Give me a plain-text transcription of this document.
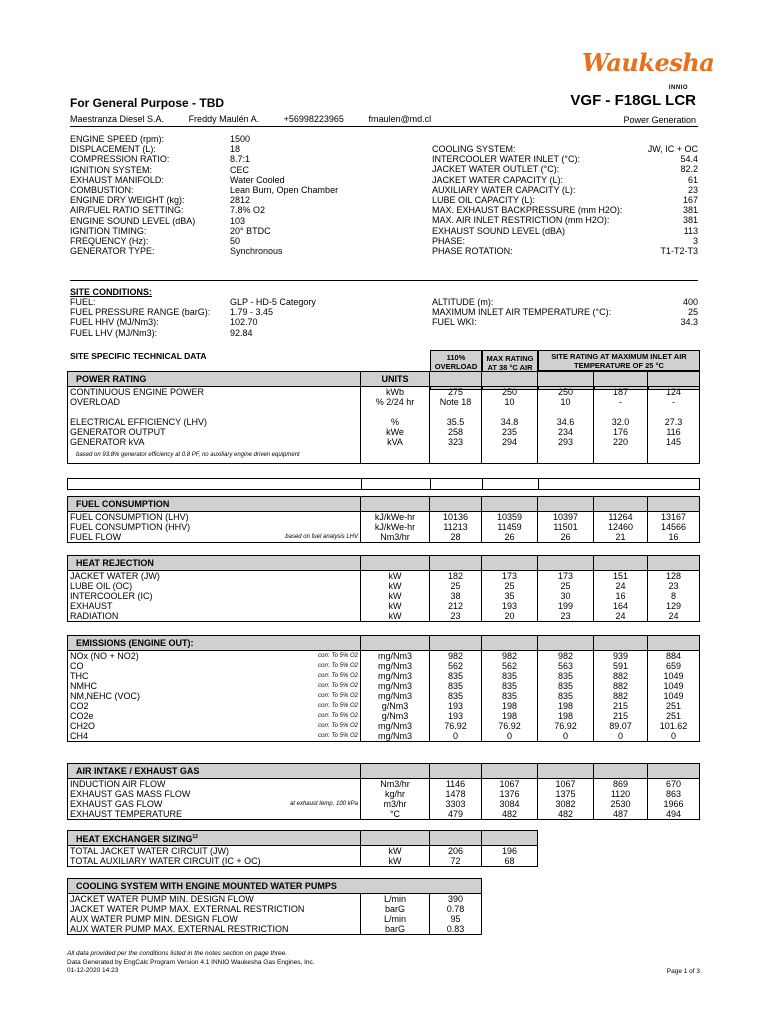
Waukesha
INNIO
For General Purpose - TBD	VGF - F18GL LCR
Maestranza Diesel S.A.	Freddy Maulén A.	+56998223965	fmaulen@md.cl	Power Generation
ENGINE SPEED (rpm):	1500
DISPLACEMENT (L):	18
COMPRESSION RATIO:	8.7:1
IGNITION SYSTEM:	CEC
EXHAUST MANIFOLD:	Water Cooled
COMBUSTION:	Lean Burn, Open Chamber
ENGINE DRY WEIGHT (kg):	2812
AIR/FUEL RATIO SETTING:	7.8% O2
ENGINE SOUND LEVEL (dBA)	103
IGNITION TIMING:	20° BTDC
FREQUENCY (Hz):	50
GENERATOR TYPE:	Synchronous
COOLING SYSTEM:	JW, IC + OC
INTERCOOLER WATER INLET (°C):	54.4
JACKET WATER OUTLET (°C):	82.2
JACKET WATER CAPACITY (L):	61
AUXILIARY WATER CAPACITY (L):	23
LUBE OIL CAPACITY (L):	167
MAX. EXHAUST BACKPRESSURE (mm H2O):	381
MAX. AIR INLET RESTRICTION (mm H2O):	381
EXHAUST SOUND LEVEL (dBA)	113
PHASE:	3
PHASE ROTATION:	T1-T2-T3
SITE CONDITIONS:
FUEL:	GLP - HD-5 Category
FUEL PRESSURE RANGE (barG):	1.79 - 3.45
FUEL HHV (MJ/Nm3):	102.70
FUEL LHV (MJ/Nm3):	92.84
ALTITUDE (m):	400
MAXIMUM INLET AIR TEMPERATURE (°C):	25
FUEL WKI:	34.3
SITE SPECIFIC TECHNICAL DATA	110% OVERLOAD
MAX RATING AT 38 °C AIR
SITE RATING AT MAXIMUM INLET AIR TEMPERATURE OF 25 °C
POWER RATING		UNITS					
CONTINUOUS ENGINE POWER		kWb	275	250	250	187	124
OVERLOAD		% 2/24 hr	Note 18	10	10	-	-

ELECTRICAL EFFICIENCY (LHV)		%	35.5	34.8	34.6	32.0	27.3
GENERATOR OUTPUT		kWe	258	235	234	176	116
GENERATOR kVA		kVA	323	294	293	220	145
based on 93.8% generator efficiency at 0.8 PF, no auxiliary engine driven equipment							
FUEL CONSUMPTION							
FUEL CONSUMPTION (LHV)		kJ/kWe-hr	10136	10359	10397	11264	13167
FUEL CONSUMPTION (HHV)		kJ/kWe-hr	11213	11459	11501	12460	14566
FUEL FLOW	based on fuel analysis LHV	Nm3/hr	28	26	26	21	16
HEAT REJECTION							
JACKET WATER (JW)		kW	182	173	173	151	128
LUBE OIL (OC)		kW	25	25	25	24	23
INTERCOOLER (IC)		kW	38	35	30	16	8
EXHAUST		kW	212	193	199	164	129
RADIATION		kW	23	20	23	24	24
EMISSIONS (ENGINE OUT):							
NOx (NO + NO2)	corr. To 5% O2	mg/Nm3	982	982	982	939	884
CO	corr. To 5% O2	mg/Nm3	562	562	563	591	659
THC	corr. To 5% O2	mg/Nm3	835	835	835	882	1049
NMHC	corr. To 5% O2	mg/Nm3	835	835	835	882	1049
NM,NEHC (VOC)	corr. To 5% O2	mg/Nm3	835	835	835	882	1049
CO2	corr. To 5% O2	g/Nm3	193	198	198	215	251
CO2e	corr. To 5% O2	g/Nm3	193	198	198	215	251
CH2O	corr. To 5% O2	mg/Nm3	76.92	76.92	76.92	89.07	101.62
CH4	corr. To 5% O2	mg/Nm3	0	0	0	0	0
AIR INTAKE / EXHAUST GAS							
INDUCTION AIR FLOW		Nm3/hr	1146	1067	1067	869	670
EXHAUST GAS MASS FLOW		kg/hr	1478	1376	1375	1120	863
EXHAUST GAS FLOW	at exhaust temp, 100 kPa	m3/hr	3303	3084	3082	2530	1966
EXHAUST TEMPERATURE		°C	479	482	482	487	494
HEAT EXCHANGER SIZING$^{12}$			
TOTAL JACKET WATER CIRCUIT (JW)	kW	206	196
TOTAL AUXILIARY WATER CIRCUIT (IC + OC)	kW	72	68
COOLING SYSTEM WITH ENGINE MOUNTED WATER PUMPS		
JACKET WATER PUMP MIN. DESIGN FLOW	L/min	390
JACKET WATER PUMP MAX. EXTERNAL RESTRICTION	barG	0.78
AUX WATER PUMP MIN. DESIGN FLOW	L/min	95
AUX WATER PUMP MAX. EXTERNAL RESTRICTION	barG	0.83
All data provided per the conditions listed in the notes section on page three.
Data Generated by EngCalc Program Version 4.1 INNIO Waukesha Gas Engines, Inc.
01-12-2020 14:23	Page 1 of 3
